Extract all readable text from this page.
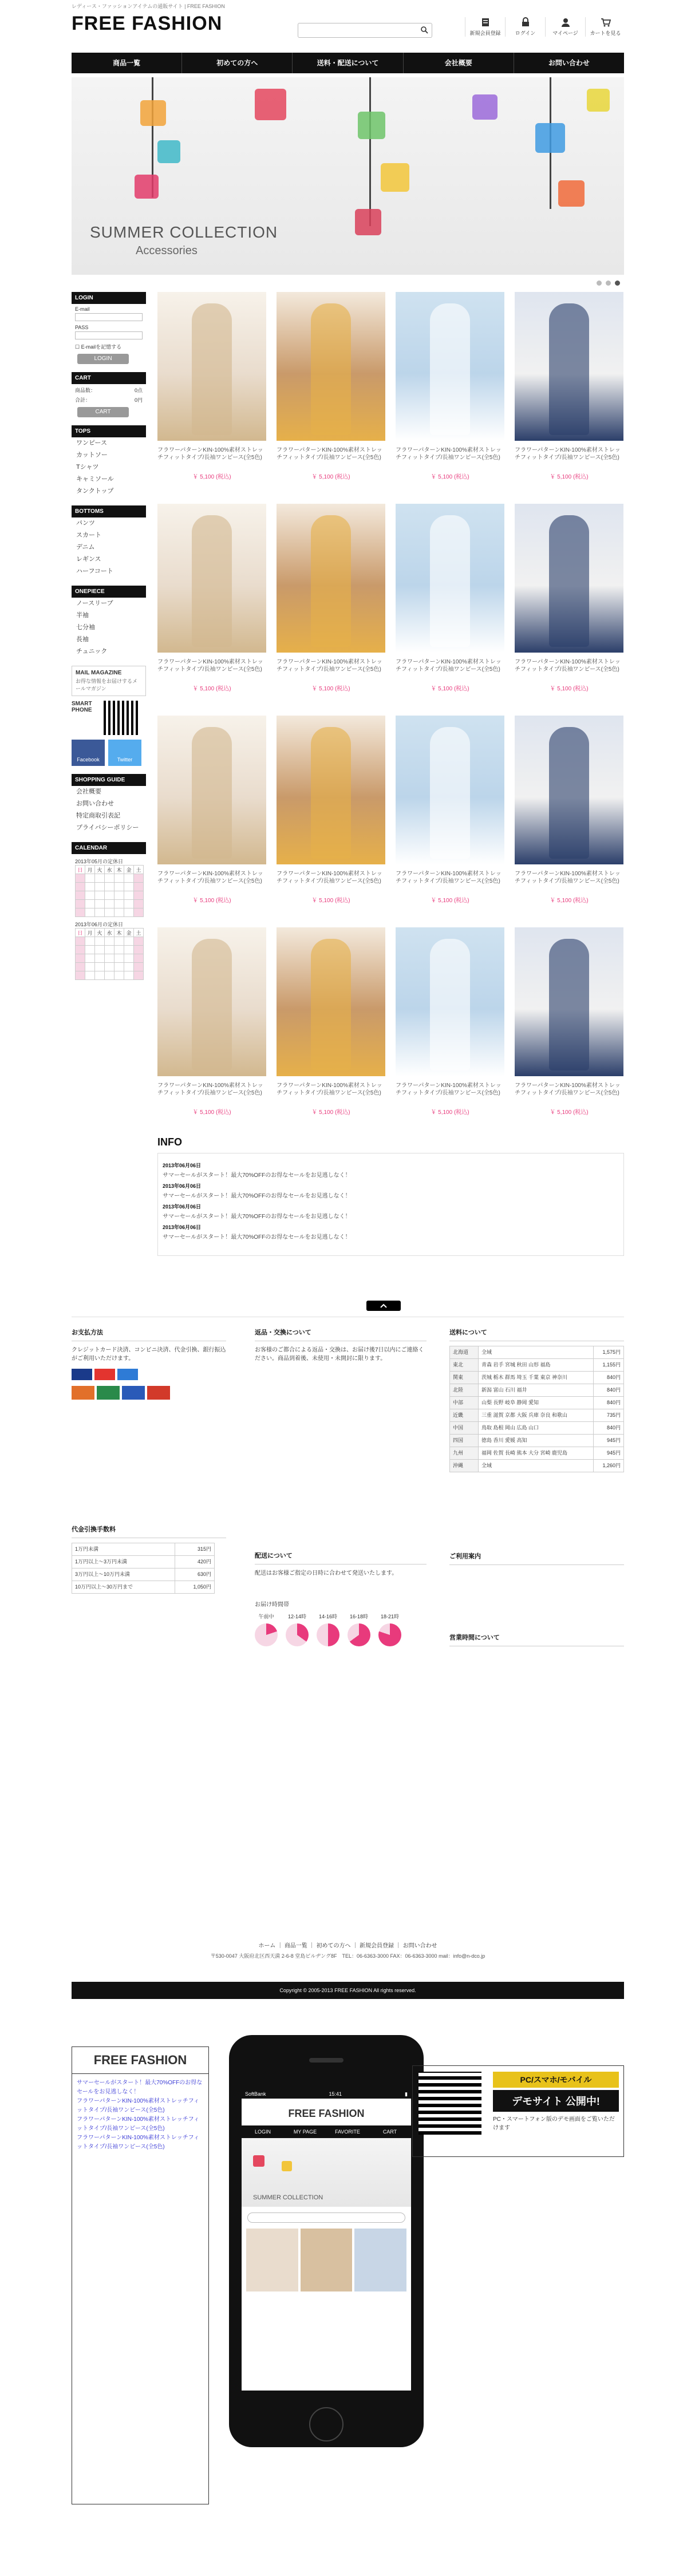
レディース・ファッションアイテムの通販サイト | FREE FASHION
FREE FASHION	新規会員登録	ログイン	マイページ	カートを見る
商品一覧	初めての方へ	送料・配送について	会社概要	お問い合わせ
SUMMER COLLECTION
Accessories
LOGIN
E-mail
PASS
☐ E-mailを記憶する
LOGIN
CART
商品数：	0点
合計：	0円
CART
TOPS
ワンピース
カットソー
Tシャツ
キャミソール
タンクトップ
BOTTOMS
パンツ
スカート
デニム
レギンス
ハーフコート
ONEPIECE
ノースリーブ
半袖
七分袖
長袖
チュニック
MAIL MAGAZINE
お得な情報をお届けするメールマガジン
SMART PHONE
Facebook	Twitter
SHOPPING GUIDE
会社概要
お問い合わせ
特定商取引表記
プライバシーポリシー
CALENDAR
2013年05月の定休日
日	月	火	水	木	金	土

2013年06月の定休日
日	月	火	水	木	金	土

フラワーパターンKIN-100%素材ストレッチフィットタイプ/長袖ワンピース(全5色)
￥ 5,100 (税込)
フラワーパターンKIN-100%素材ストレッチフィットタイプ/長袖ワンピース(全5色)
￥ 5,100 (税込)
フラワーパターンKIN-100%素材ストレッチフィットタイプ/長袖ワンピース(全5色)
￥ 5,100 (税込)
フラワーパターンKIN-100%素材ストレッチフィットタイプ/長袖ワンピース(全5色)
￥ 5,100 (税込)
フラワーパターンKIN-100%素材ストレッチフィットタイプ/長袖ワンピース(全5色)
￥ 5,100 (税込)
フラワーパターンKIN-100%素材ストレッチフィットタイプ/長袖ワンピース(全5色)
￥ 5,100 (税込)
フラワーパターンKIN-100%素材ストレッチフィットタイプ/長袖ワンピース(全5色)
￥ 5,100 (税込)
フラワーパターンKIN-100%素材ストレッチフィットタイプ/長袖ワンピース(全5色)
￥ 5,100 (税込)
フラワーパターンKIN-100%素材ストレッチフィットタイプ/長袖ワンピース(全5色)
￥ 5,100 (税込)
フラワーパターンKIN-100%素材ストレッチフィットタイプ/長袖ワンピース(全5色)
￥ 5,100 (税込)
フラワーパターンKIN-100%素材ストレッチフィットタイプ/長袖ワンピース(全5色)
￥ 5,100 (税込)
フラワーパターンKIN-100%素材ストレッチフィットタイプ/長袖ワンピース(全5色)
￥ 5,100 (税込)
フラワーパターンKIN-100%素材ストレッチフィットタイプ/長袖ワンピース(全5色)
￥ 5,100 (税込)
フラワーパターンKIN-100%素材ストレッチフィットタイプ/長袖ワンピース(全5色)
￥ 5,100 (税込)
フラワーパターンKIN-100%素材ストレッチフィットタイプ/長袖ワンピース(全5色)
￥ 5,100 (税込)
フラワーパターンKIN-100%素材ストレッチフィットタイプ/長袖ワンピース(全5色)
￥ 5,100 (税込)
INFO
2013年06月06日
サマーセールがスタート！最大70%OFFのお得なセールをお見逃しなく！
2013年06月06日
サマーセールがスタート！最大70%OFFのお得なセールをお見逃しなく！
2013年06月06日
サマーセールがスタート！最大70%OFFのお得なセールをお見逃しなく！
2013年06月06日
サマーセールがスタート！最大70%OFFのお得なセールをお見逃しなく！
お支払方法
クレジットカード決済、コンビニ決済、代金引換、銀行振込がご利用いただけます。
代金引換手数料
1万円未満	315円
1万円以上〜3万円未満	420円
3万円以上〜10万円未満	630円
10万円以上〜30万円まで	1,050円
返品・交換について
お客様のご都合による返品・交換は、お届け後7日以内にご連絡ください。商品到着後、未使用・未開封に限ります。
配送について
配送はお客様ご指定の日時に合わせて発送いたします。
お届け時間帯
午前中	12-14時	14-16時	16-18時	18-21時
送料について
北海道	全域	1,575円
東北	青森 岩手 宮城 秋田 山形 福島	1,155円
関東	茨城 栃木 群馬 埼玉 千葉 東京 神奈川	840円
北陸	新潟 富山 石川 福井	840円
中部	山梨 長野 岐阜 静岡 愛知	840円
近畿	三重 滋賀 京都 大阪 兵庫 奈良 和歌山	735円
中国	鳥取 島根 岡山 広島 山口	840円
四国	徳島 香川 愛媛 高知	945円
九州	福岡 佐賀 長崎 熊本 大分 宮崎 鹿児島	945円
沖縄	全域	1,260円
ご利用案内
営業時間について
ホーム ｜ 商品一覧 ｜ 初めての方へ ｜ 新規会員登録 ｜ お問い合わせ
〒530-0047 大阪府北区西天満 2-6-8 堂島ビルヂング8F　TEL：06-6363-3000 FAX：06-6363-3000 mail：info@n-dco.jp
Copyright © 2005-2013 FREE FASHION All rights reserved.
FREE FASHION
サマーセールがスタート！最大70%OFFのお得なセールをお見逃しなく！
フラワーパターンKIN-100%素材ストレッチフィットタイプ/長袖ワンピース(全5色)
フラワーパターンKIN-100%素材ストレッチフィットタイプ/長袖ワンピース(全5色)
フラワーパターンKIN-100%素材ストレッチフィットタイプ/長袖ワンピース(全5色)
SoftBank	15:41	▮
FREE FASHION
LOGIN	MY PAGE	FAVORITE	CART
SUMMER COLLECTION
PC/スマホ/モバイル
デモサイト 公開中!
PC・スマートフォン版のデモ画面をご覧いただけます
